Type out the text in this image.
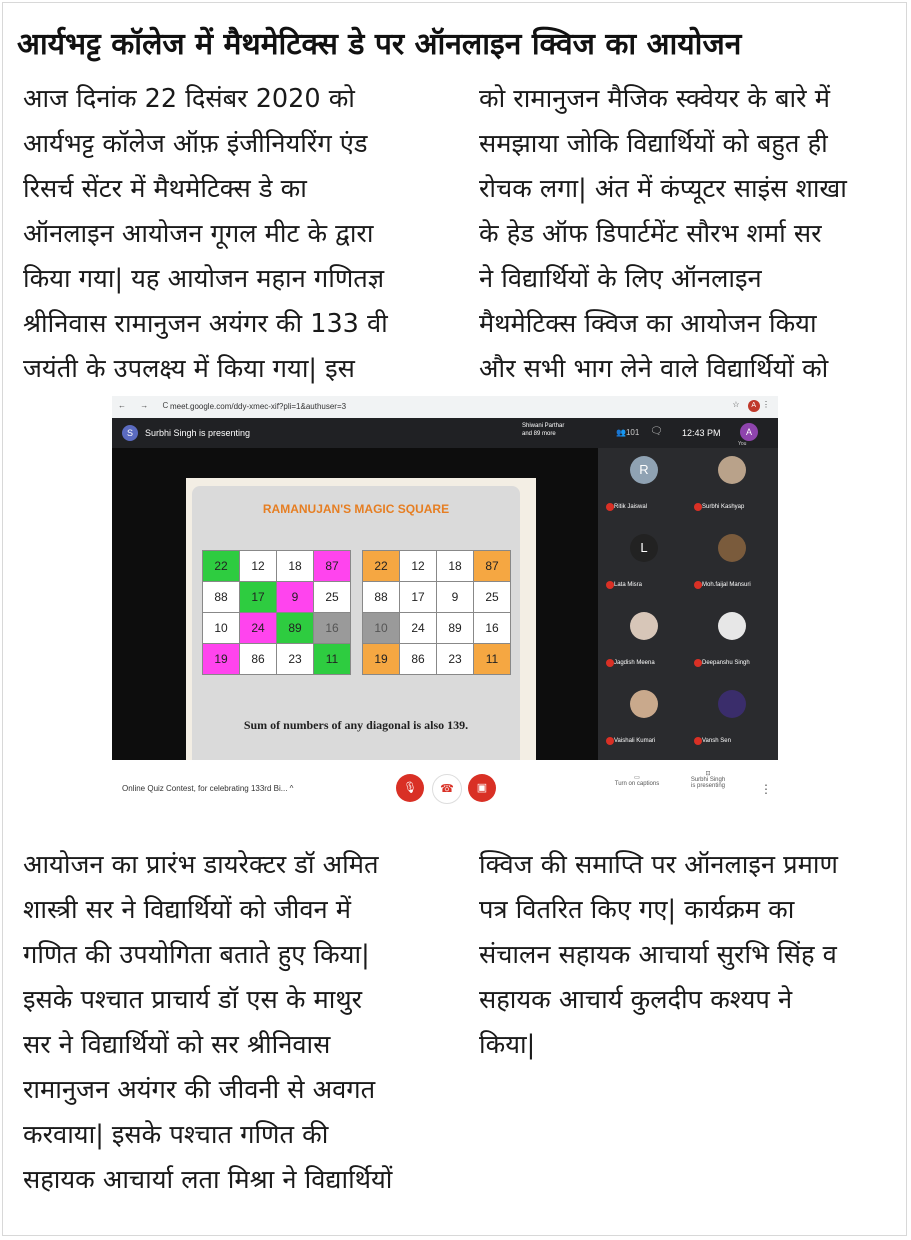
आर्यभट्ट कॉलेज में मैथमेटिक्स डे पर ऑनलाइन क्विज का आयोजन
आज दिनांक 22 दिसंबर 2020 को
आर्यभट्ट कॉलेज ऑफ़ इंजीनियरिंग एंड
रिसर्च सेंटर में मैथमेटिक्स डे का
ऑनलाइन आयोजन गूगल मीट के द्वारा
किया गया| यह आयोजन महान गणितज्ञ
श्रीनिवास रामानुजन अयंगर की 133 वी
जयंती के उपलक्ष्य में किया गया| इस
को रामानुजन मैजिक स्क्वेयर के बारे में
समझाया जोकि विद्यार्थियों को बहुत ही
रोचक लगा| अंत में कंप्यूटर साइंस शाखा
के हेड ऑफ डिपार्टमेंट सौरभ शर्मा सर
ने विद्यार्थियों के लिए ऑनलाइन
मैथमेटिक्स क्विज का आयोजन किया
और सभी भाग लेने वाले विद्यार्थियों को
आयोजन का प्रारंभ डायरेक्टर डॉ अमित
शास्त्री सर ने विद्यार्थियों को जीवन में
गणित की उपयोगिता बताते हुए किया|
इसके पश्चात प्राचार्य डॉ एस के माथुर
सर ने विद्यार्थियों को सर श्रीनिवास
रामानुजन अयंगर की जीवनी से अवगत
करवाया| इसके पश्चात गणित की
सहायक आचार्या लता मिश्रा ने विद्यार्थियों
क्विज की समाप्ति पर ऑनलाइन प्रमाण
पत्र वितरित किए गए| कार्यक्रम का
संचालन सहायक आचार्या सुरभि सिंह व
सहायक आचार्य कुलदीप कश्यप ने
किया|
← → C
meet.google.com/ddy-xmec-xif?pli=1&authuser=3	☆ A ⋮
S	Surbhi Singh is presenting
Shiwani Parthar
and 89 more	👥101 🗨 12:43 PM	A
You
RAMANUJAN'S MAGIC SQUARE
22	12	18	87
88	17	9	25
10	24	89	16
19	86	23	11
22	12	18	87
88	17	9	25
10	24	89	16
19	86	23	11
Sum of numbers of any diagonal is also 139.
R
Ritik Jaiswal	Surbhi Kashyap
L
Lata Misra	Moh.faijal Mansuri
Jagdish Meena	Deepanshu Singh
Vaishali Kumari	Vansh Sen
Online Quiz Contest, for celebrating 133rd Bi... ^	🎙	☎	▣
▭
Turn on captions
⊡
Surbhi Singh
is presenting	⋮
